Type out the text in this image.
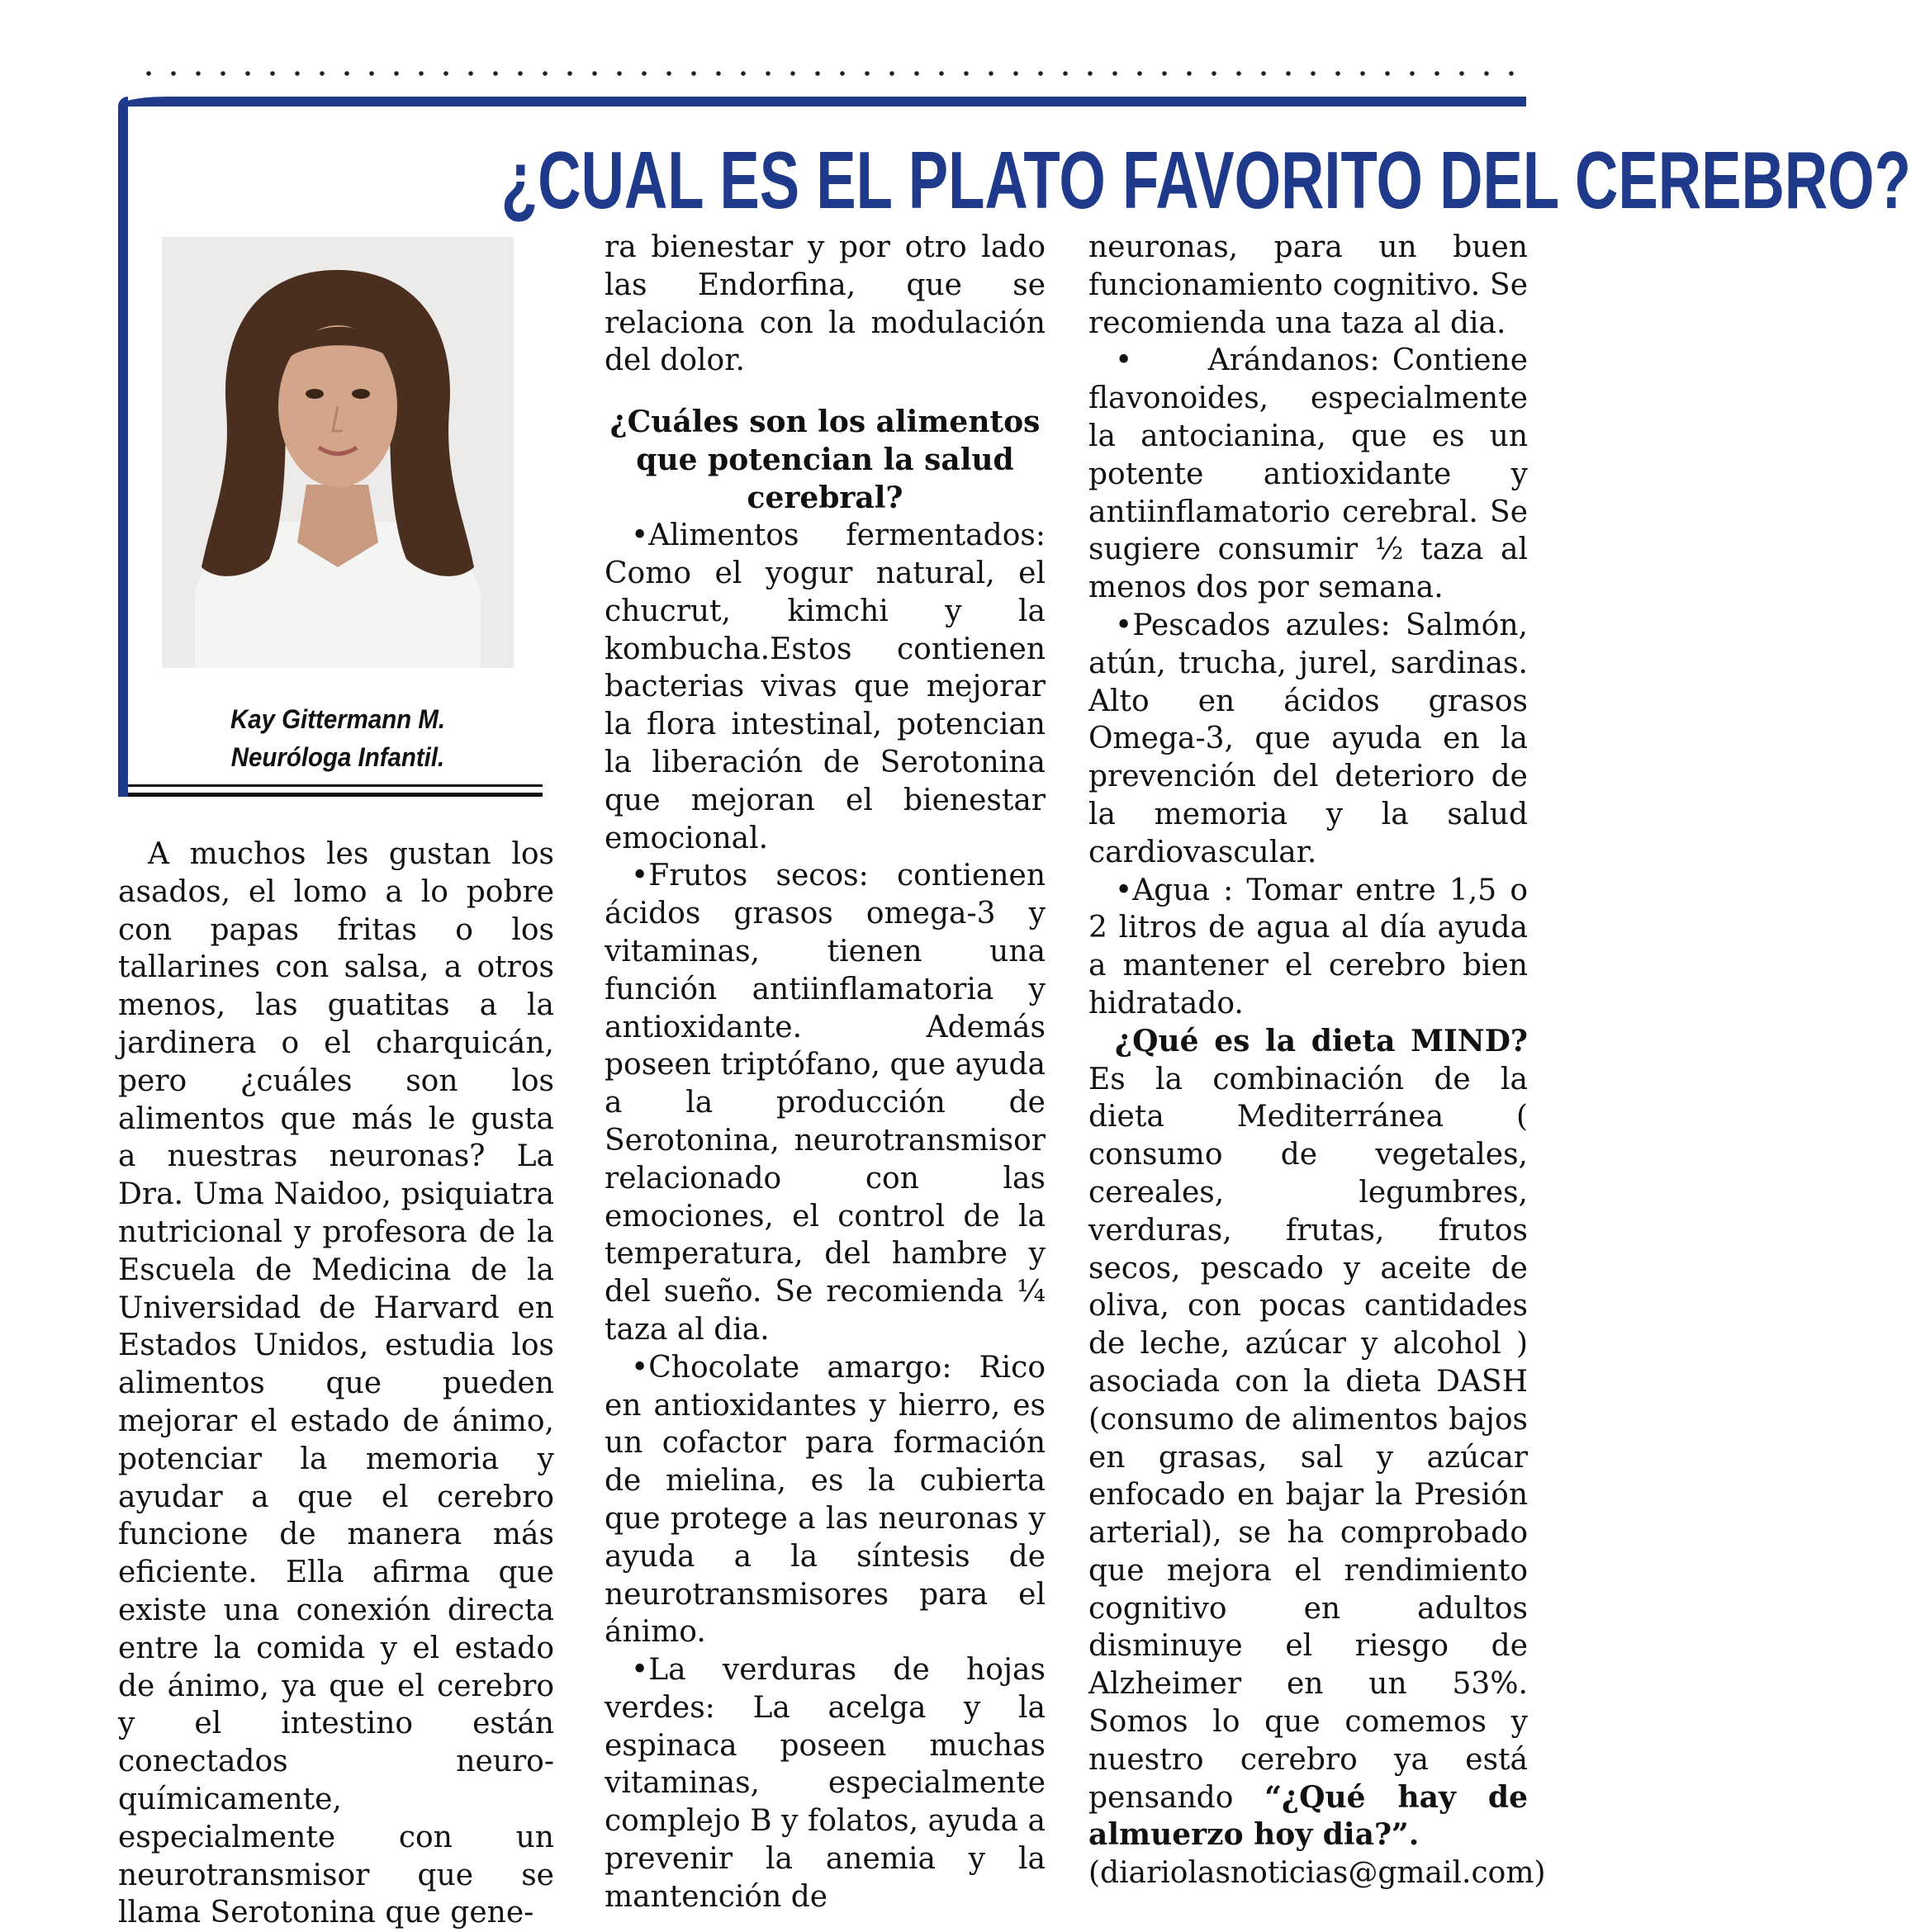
¿CUAL ES EL PLATO FAVORITO DEL CEREBRO?
Kay Gittermann M.
Neuróloga Infantil.

A muchos les gustan los asados, el lomo a lo pobre con papas fritas o los tallarines con salsa, a otros menos, las guatitas a la jardinera o el charquicán, pero ¿cuáles son los alimentos que más le gusta a nuestras neuronas? La Dra. Uma Naidoo, psiquiatra nutricional y profesora de la Escuela de Medicina de la Universidad de Harvard en Estados Unidos, estudia los alimentos que pueden mejorar el estado de ánimo, potenciar la memoria y ayudar a que el cerebro funcione de manera más eficiente. Ella afirma que existe una conexión directa entre la comida y el estado de ánimo, ya que el cerebro y el intestino están conectados neuro-químicamente, especialmente con un neurotransmisor que se llama Serotonina que gene-

ra bienestar y por otro lado las Endorfina, que se relaciona con la modulación del dolor.

¿Cuáles son los alimentos que potencian la salud cerebral?

•Alimentos fermentados: Como el yogur natural, el chucrut, kimchi y la kombucha.Estos contienen bacterias vivas que mejorar la flora intestinal, potencian la liberación de Serotonina que mejoran el bienestar emocional.

•Frutos secos: contienen ácidos grasos omega-3 y vitaminas, tienen una función antiinflamatoria y antioxidante. Además poseen triptófano, que ayuda a la producción de Serotonina, neurotransmisor relacionado con las emociones, el control de la temperatura, del hambre y del sueño. Se recomienda ¼ taza al dia.

•Chocolate amargo: Rico en antioxidantes y hierro, es un cofactor para formación de mielina, es la cubierta que protege a las neuronas y ayuda a la síntesis de neurotransmisores para el ánimo.

•La verduras de hojas verdes: La acelga y la espinaca poseen muchas vitaminas, especialmente complejo B y folatos, ayuda a prevenir la anemia y la mantención de

neuronas, para un buen funcionamiento cognitivo. Se recomienda una taza al dia.

•      Arándanos: Contiene flavonoides, especialmente la antocianina, que es un potente antioxidante y antiinflamatorio cerebral. Se sugiere consumir ½ taza al menos dos por semana.

•Pescados azules: Salmón, atún, trucha, jurel, sardinas. Alto en ácidos grasos Omega-3, que ayuda en la prevención del deterioro de la memoria y la salud cardiovascular.

•Agua : Tomar entre 1,5 o 2 litros de agua al día ayuda a mantener el cerebro bien hidratado.

¿Qué es la dieta MIND? Es la combinación de la dieta Mediterránea ( consumo de vegetales, cereales, legumbres, verduras, frutas, frutos secos, pescado y aceite de oliva, con pocas cantidades de leche, azúcar y alcohol ) asociada con la dieta DASH (consumo de alimentos bajos en grasas, sal y azúcar enfocado en bajar la Presión arterial), se ha comprobado que mejora el rendimiento cognitivo en adultos disminuye el riesgo de Alzheimer en un 53%. Somos lo que comemos y nuestro cerebro ya está pensando “¿Qué hay de almuerzo hoy dia?”.

(diariolasnoticias@gmail.com)
